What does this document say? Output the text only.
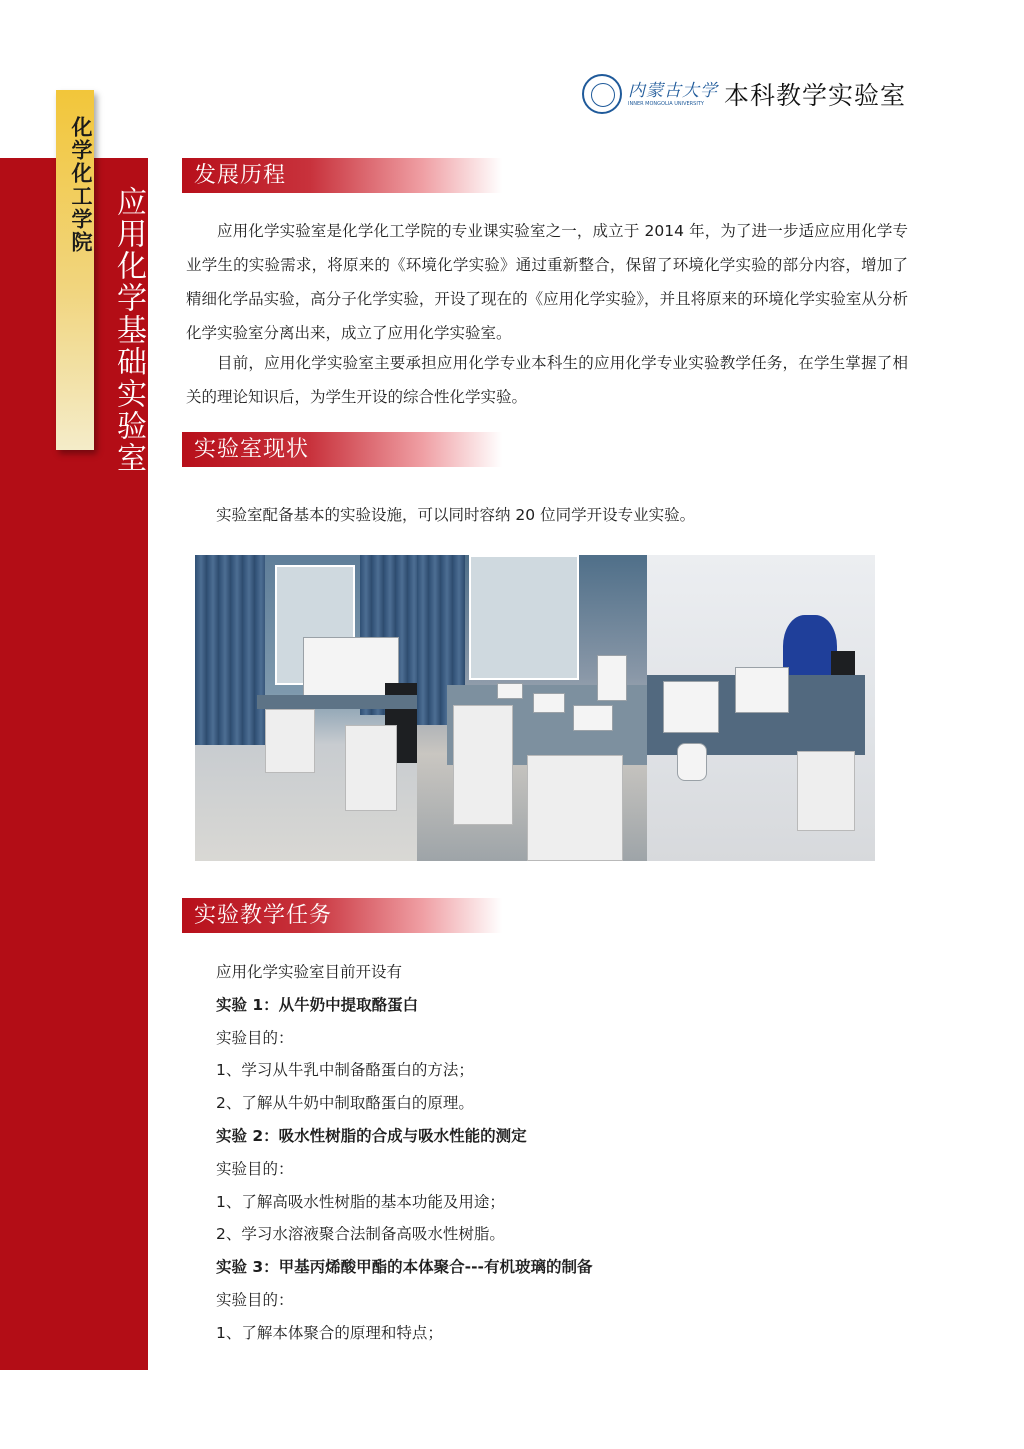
化学化工学院
应用化学基础实验室
内蒙古大学
INNER MONGOLIA UNIVERSITY 本科教学实验室
发展历程
应用化学实验室是化学化工学院的专业课实验室之一，成立于 2014 年，为了进一步适应应用化学专业学生的实验需求，将原来的《环境化学实验》通过重新整合，保留了环境化学实验的部分内容，增加了精细化学品实验，高分子化学实验，开设了现在的《应用化学实验》，并且将原来的环境化学实验室从分析化学实验室分离出来，成立了应用化学实验室。
目前，应用化学实验室主要承担应用化学专业本科生的应用化学专业实验教学任务，在学生掌握了相关的理论知识后，为学生开设的综合性化学实验。
实验室现状
实验室配备基本的实验设施，可以同时容纳 20 位同学开设专业实验。
实验教学任务
应用化学实验室目前开设有
实验 1：从牛奶中提取酪蛋白
实验目的：
1、学习从牛乳中制备酪蛋白的方法；
2、了解从牛奶中制取酪蛋白的原理。
实验 2：吸水性树脂的合成与吸水性能的测定
实验目的：
1、了解高吸水性树脂的基本功能及用途；
2、学习水溶液聚合法制备高吸水性树脂。
实验 3：甲基丙烯酸甲酯的本体聚合---有机玻璃的制备
实验目的：
1、了解本体聚合的原理和特点；
